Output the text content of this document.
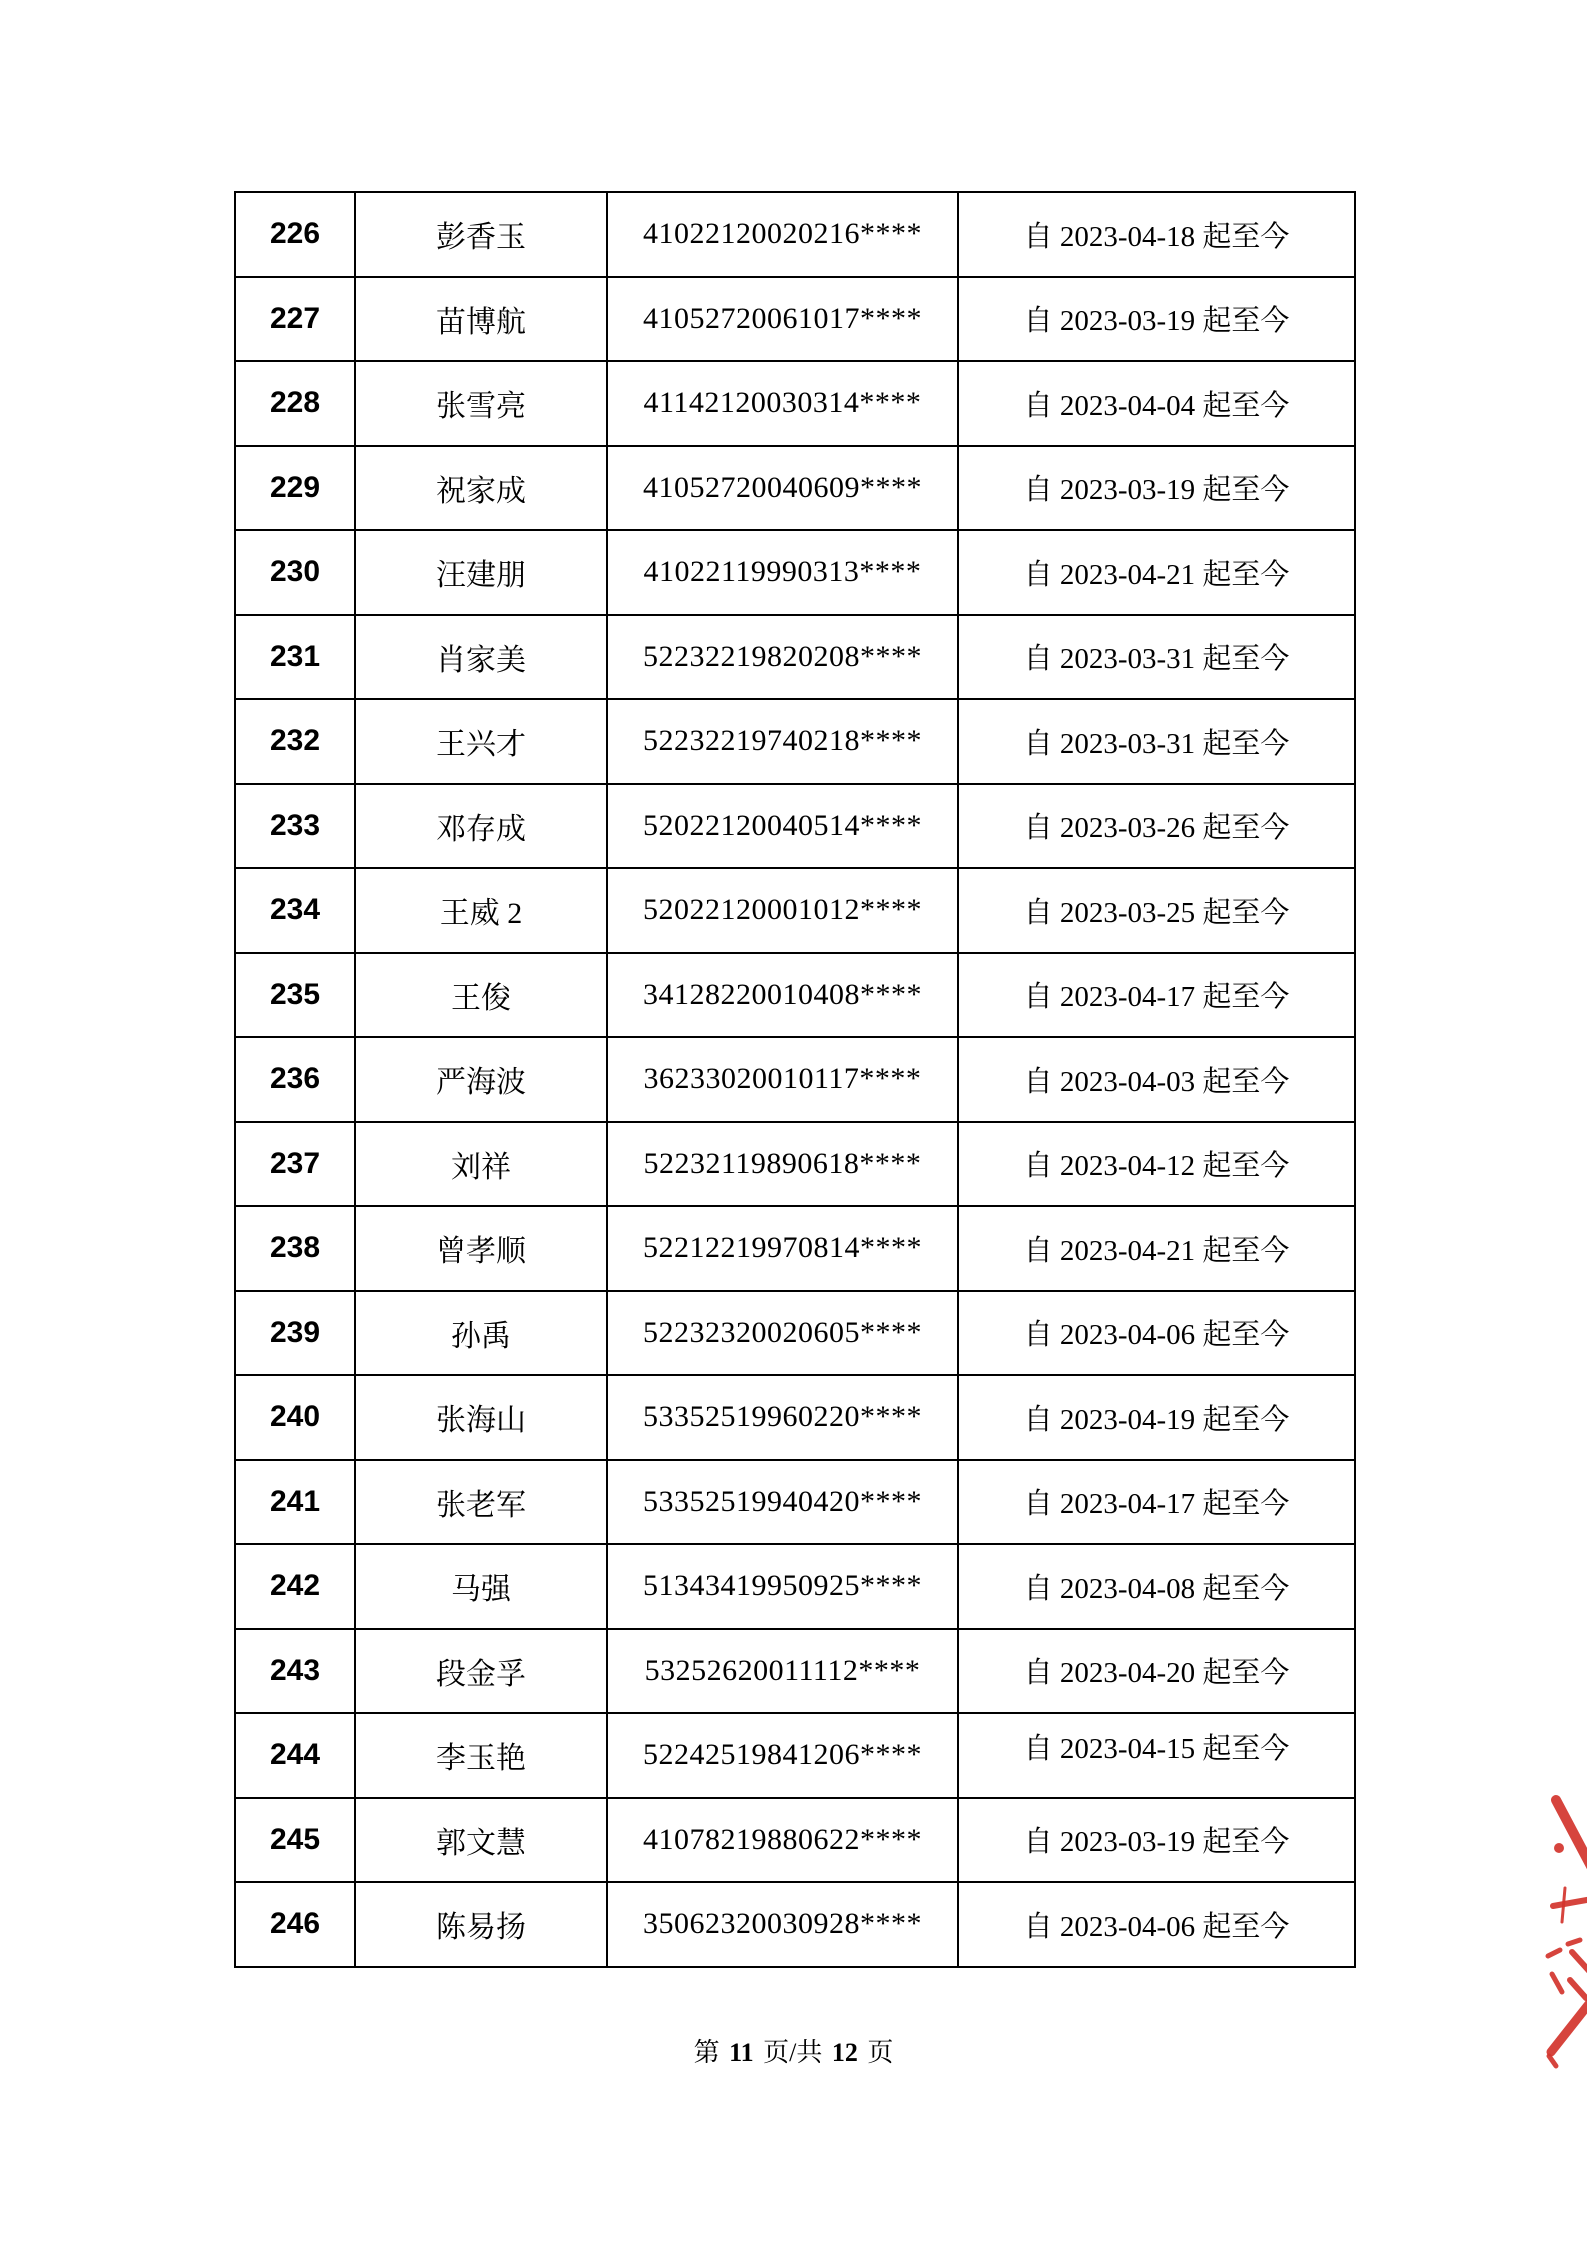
226	彭香玉	41022120020216****	自 2023-04-18 起至今
227	苗博航	41052720061017****	自 2023-03-19 起至今
228	张雪亮	41142120030314****	自 2023-04-04 起至今
229	祝家成	41052720040609****	自 2023-03-19 起至今
230	汪建朋	41022119990313****	自 2023-04-21 起至今
231	肖家美	52232219820208****	自 2023-03-31 起至今
232	王兴才	52232219740218****	自 2023-03-31 起至今
233	邓存成	52022120040514****	自 2023-03-26 起至今
234	王威 2	52022120001012****	自 2023-03-25 起至今
235	王俊	34128220010408****	自 2023-04-17 起至今
236	严海波	36233020010117****	自 2023-04-03 起至今
237	刘祥	52232119890618****	自 2023-04-12 起至今
238	曾孝顺	52212219970814****	自 2023-04-21 起至今
239	孙禹	52232320020605****	自 2023-04-06 起至今
240	张海山	53352519960220****	自 2023-04-19 起至今
241	张老军	53352519940420****	自 2023-04-17 起至今
242	马强	51343419950925****	自 2023-04-08 起至今
243	段金孚	53252620011112****	自 2023-04-20 起至今
244	李玉艳	52242519841206****	自 2023-04-15 起至今
245	郭文慧	41078219880622****	自 2023-03-19 起至今
246	陈易扬	35062320030928****	自 2023-04-06 起至今
第 11 页/共 12 页
